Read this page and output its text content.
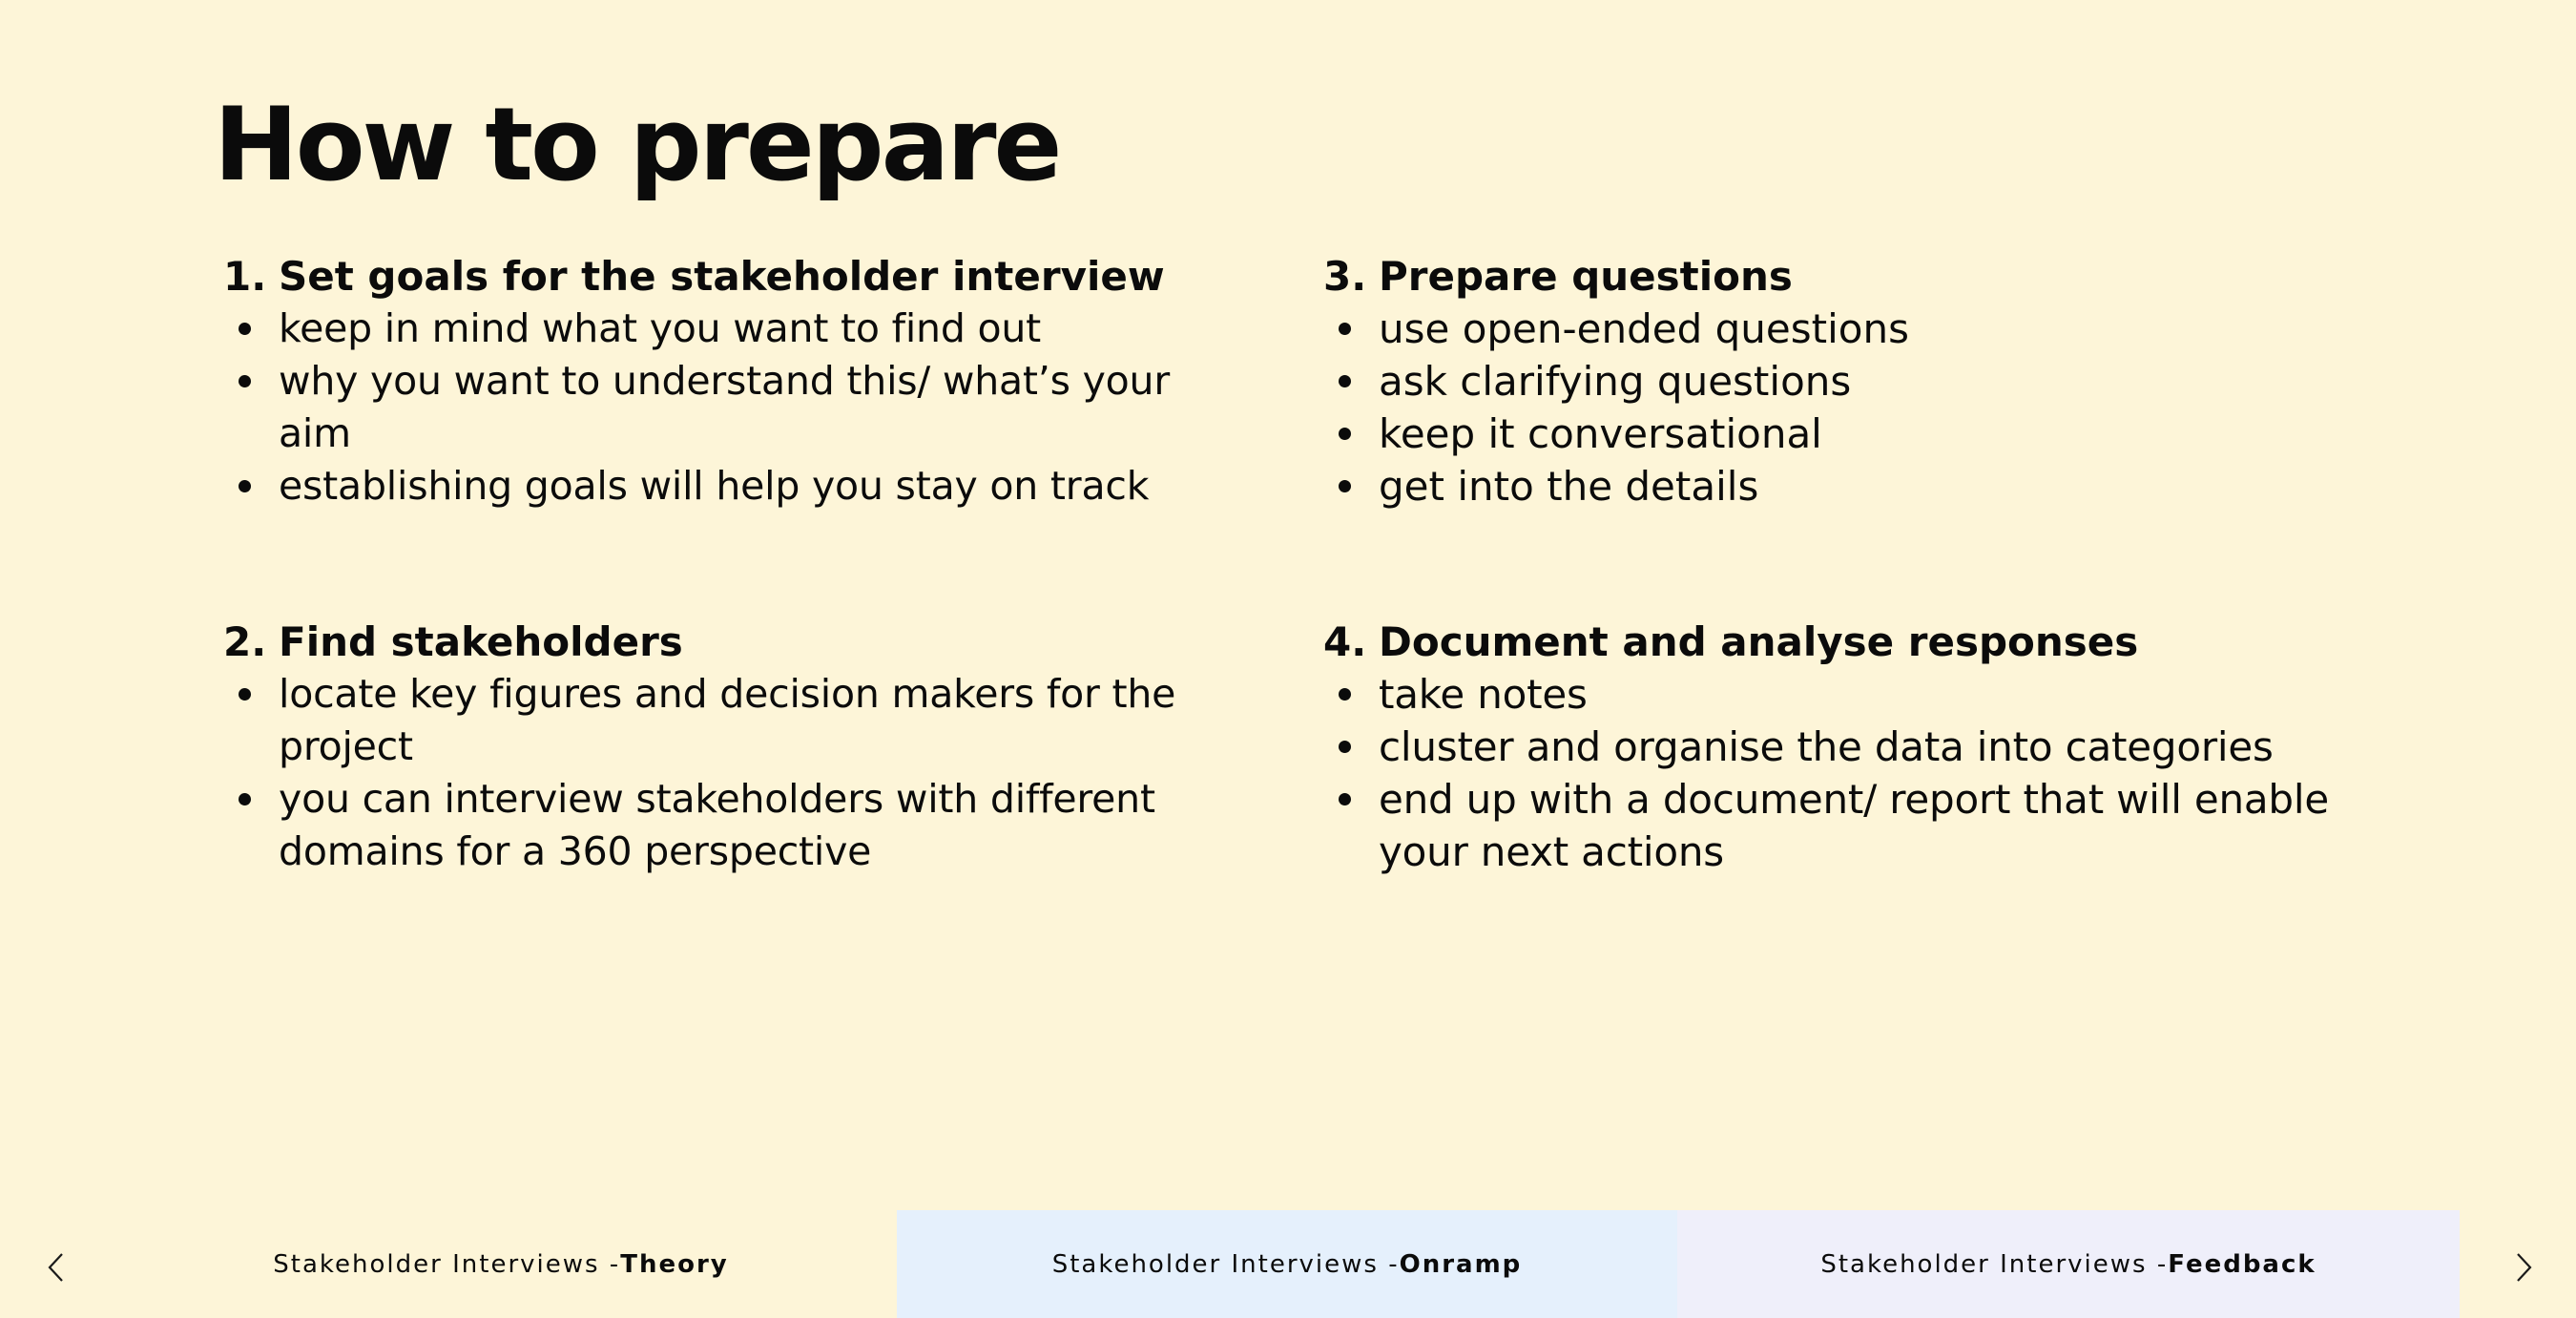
How to prepare
1. Set goals for the stakeholder interview
keep in mind what you want to find out
why you want to understand this/ what’s your aim
establishing goals will help you stay on track
2. Find stakeholders
locate key figures and decision makers for the project
you can interview stakeholders with different domains for a 360 perspective
3. Prepare questions
use open-ended questions
ask clarifying questions
keep it conversational
get into the details
4. Document and analyse responses
take notes
cluster and organise the data into categories
end up with a document/ report that will enable your next actions
Stakeholder Interviews - Theory	Stakeholder Interviews - Onramp	Stakeholder Interviews - Feedback
